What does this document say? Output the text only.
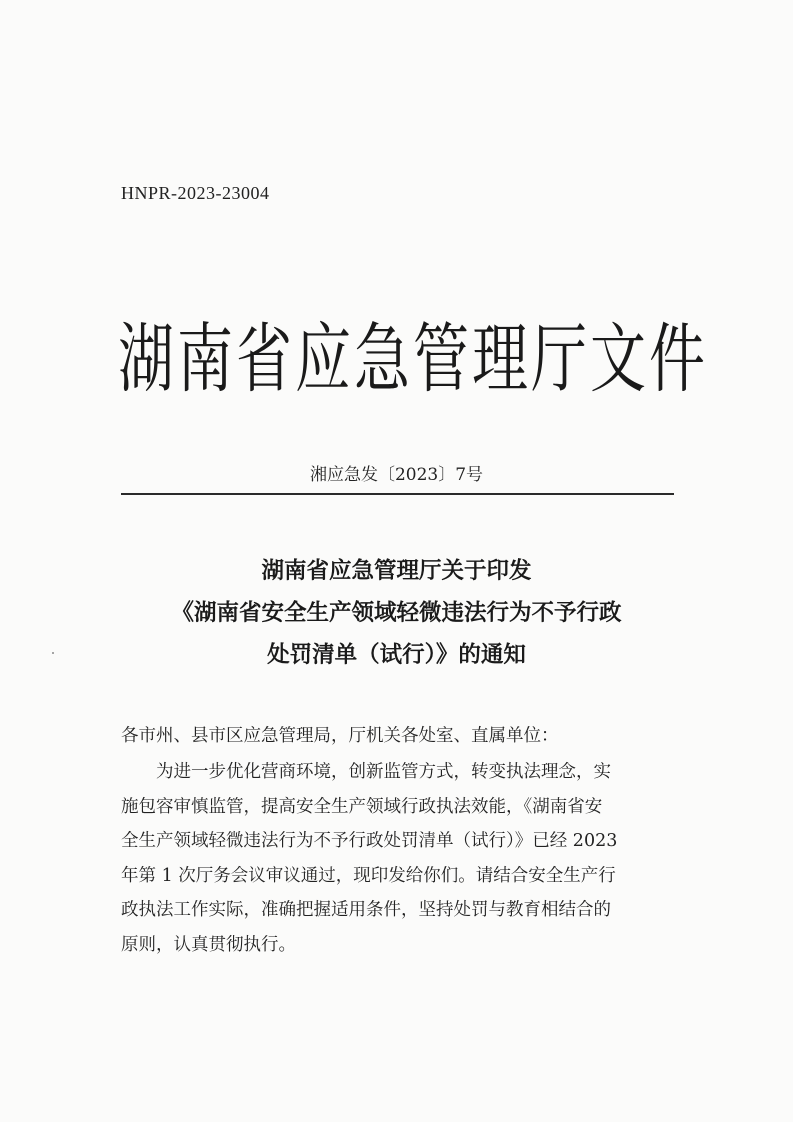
HNPR-2023-23004
湖南省应急管理厅文件
湘应急发〔2023〕7号
湖南省应急管理厅关于印发
《湖南省安全生产领域轻微违法行为不予行政
处罚清单（试行）》的通知
各市州、县市区应急管理局，厅机关各处室、直属单位：
为进一步优化营商环境，创新监管方式，转变执法理念，实
施包容审慎监管，提高安全生产领域行政执法效能，《湖南省安
全生产领域轻微违法行为不予行政处罚清单（试行）》已经 2023
年第 1 次厅务会议审议通过，现印发给你们。请结合安全生产行
政执法工作实际，准确把握适用条件，坚持处罚与教育相结合的
原则，认真贯彻执行。
